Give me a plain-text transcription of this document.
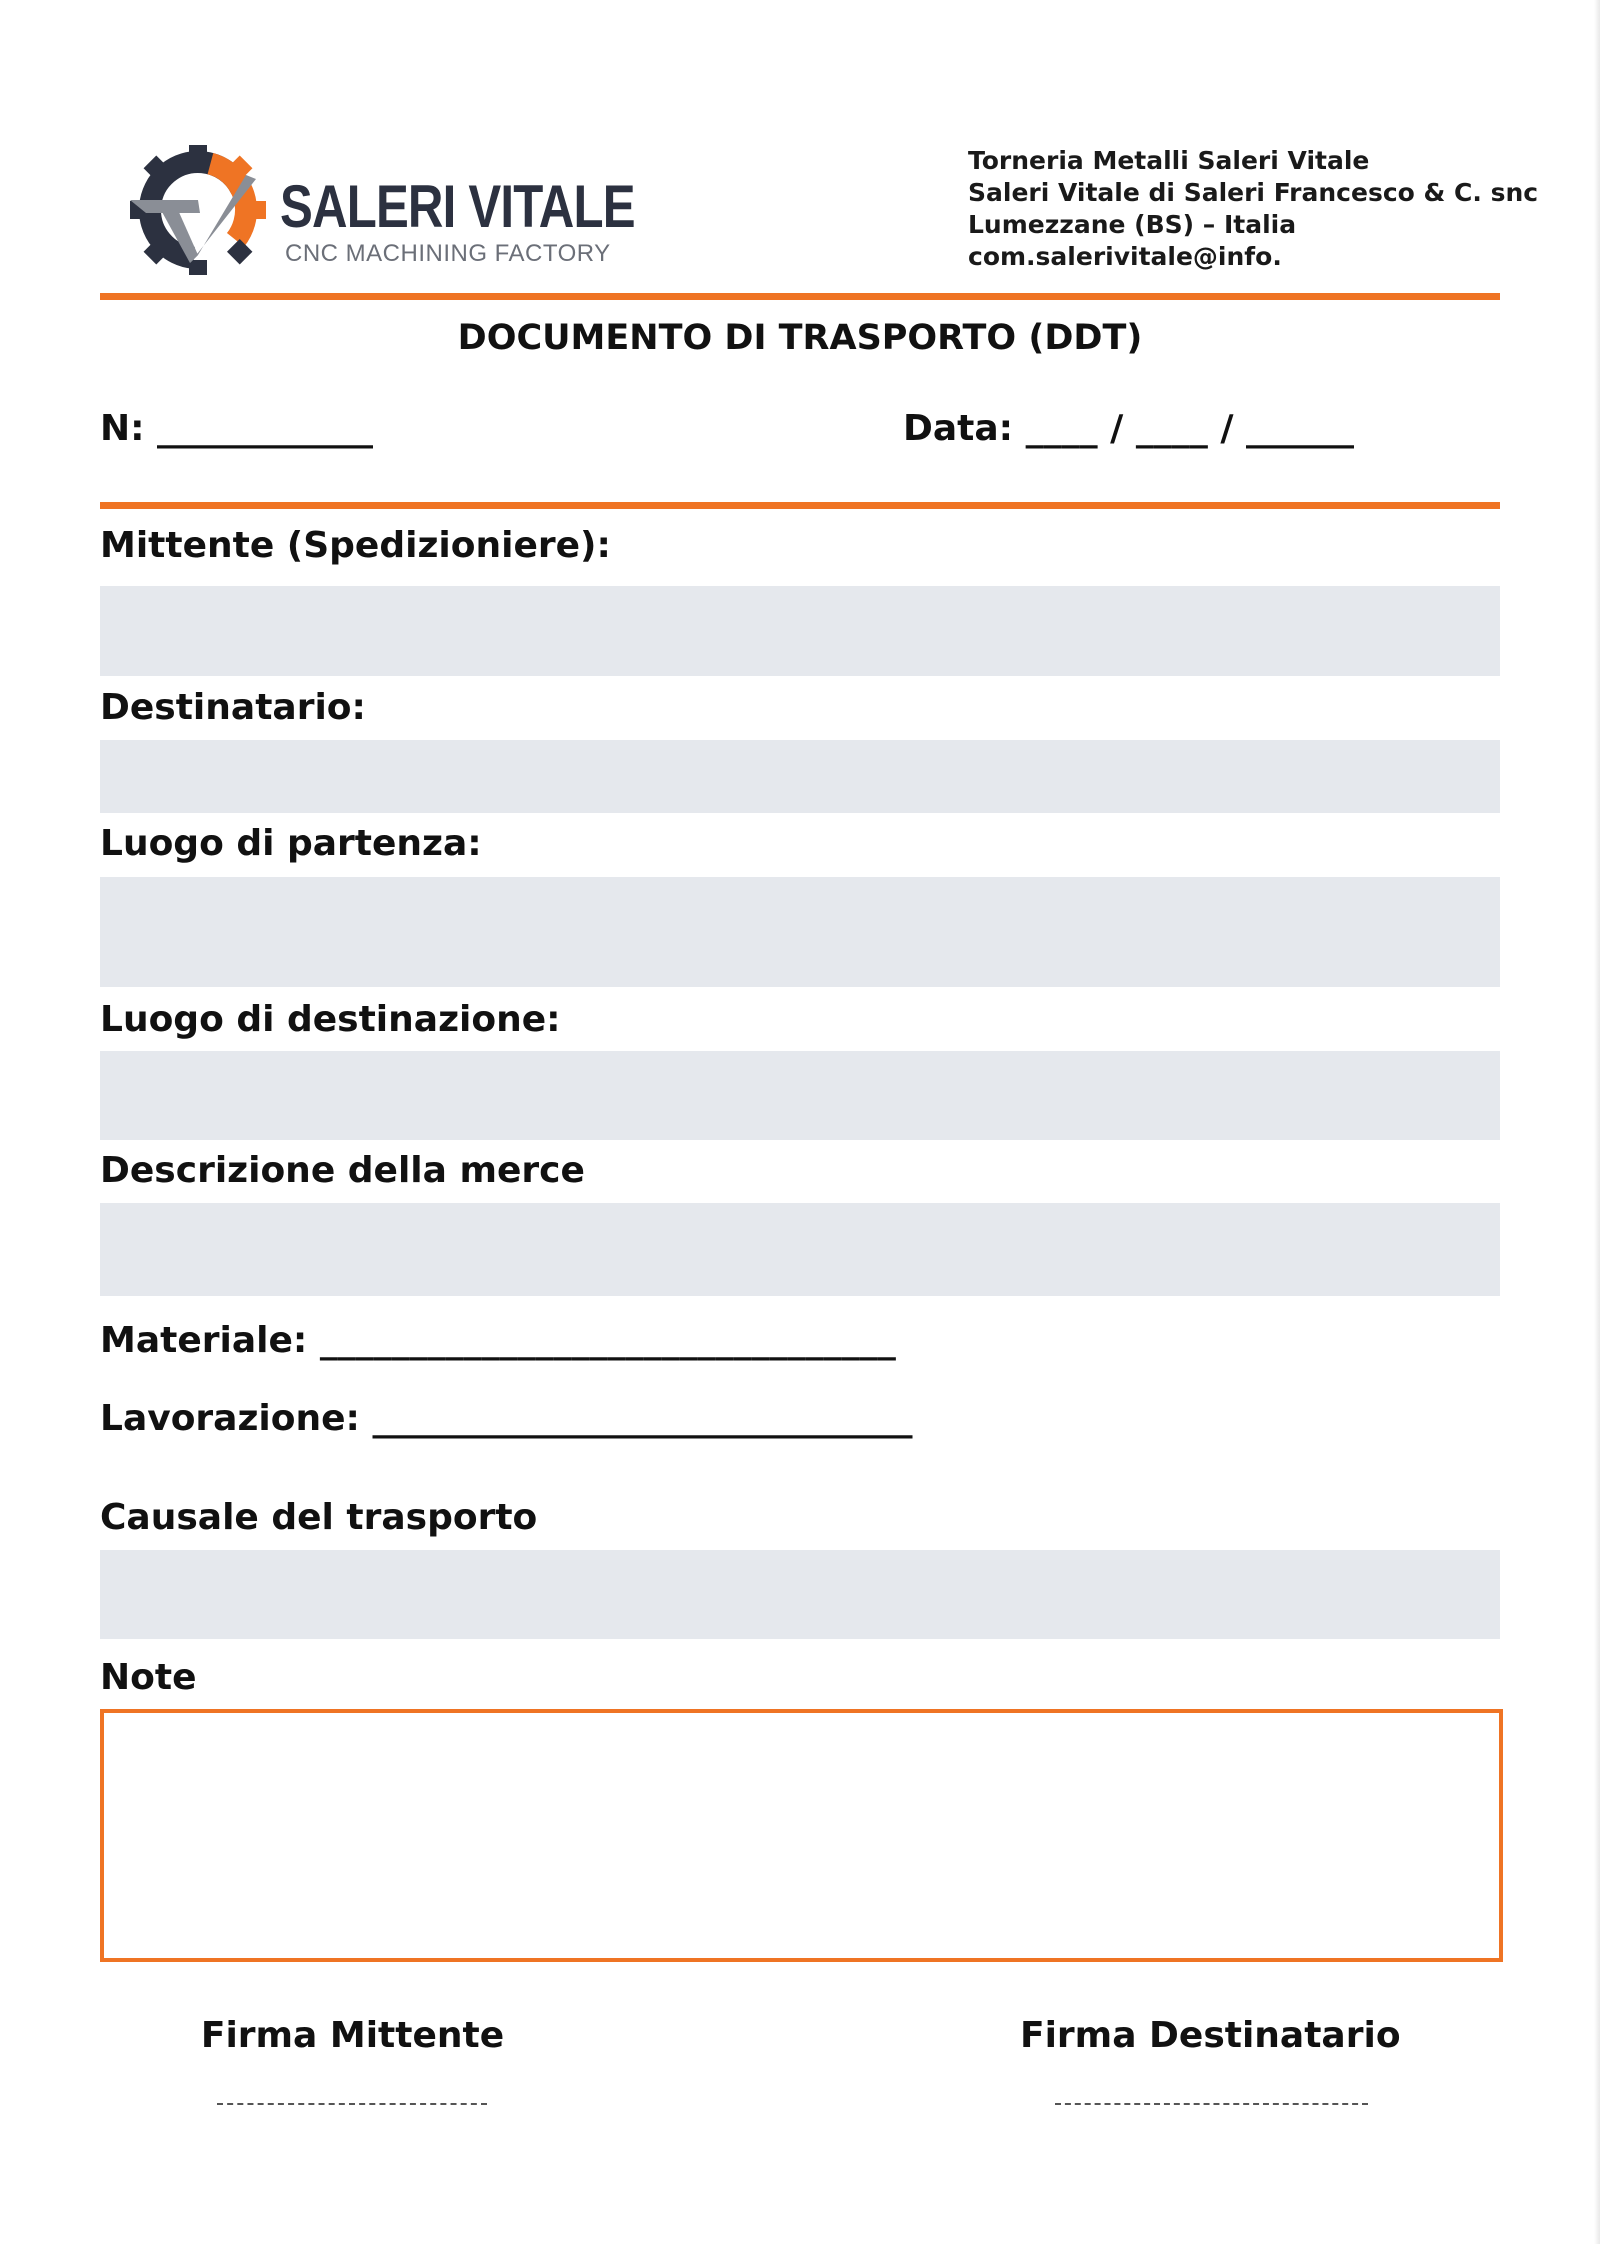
SALERI VITALE
CNC MACHINING FACTORY
Torneria Metalli Saleri Vitale
Saleri Vitale di Saleri Francesco & C. snc
Lumezzane (BS) – Italia
com.salerivitale@info.
DOCUMENTO DI TRASPORTO (DDT)
N: ____________	Data: ____ / ____ / ______
Mittente (Spedizioniere):
Destinatario:
Luogo di partenza:
Luogo di destinazione:
Descrizione della merce
Materiale: ________________________________
Lavorazione: ______________________________
Causale del trasporto
Note
Firma Mittente	Firma Destinatario
